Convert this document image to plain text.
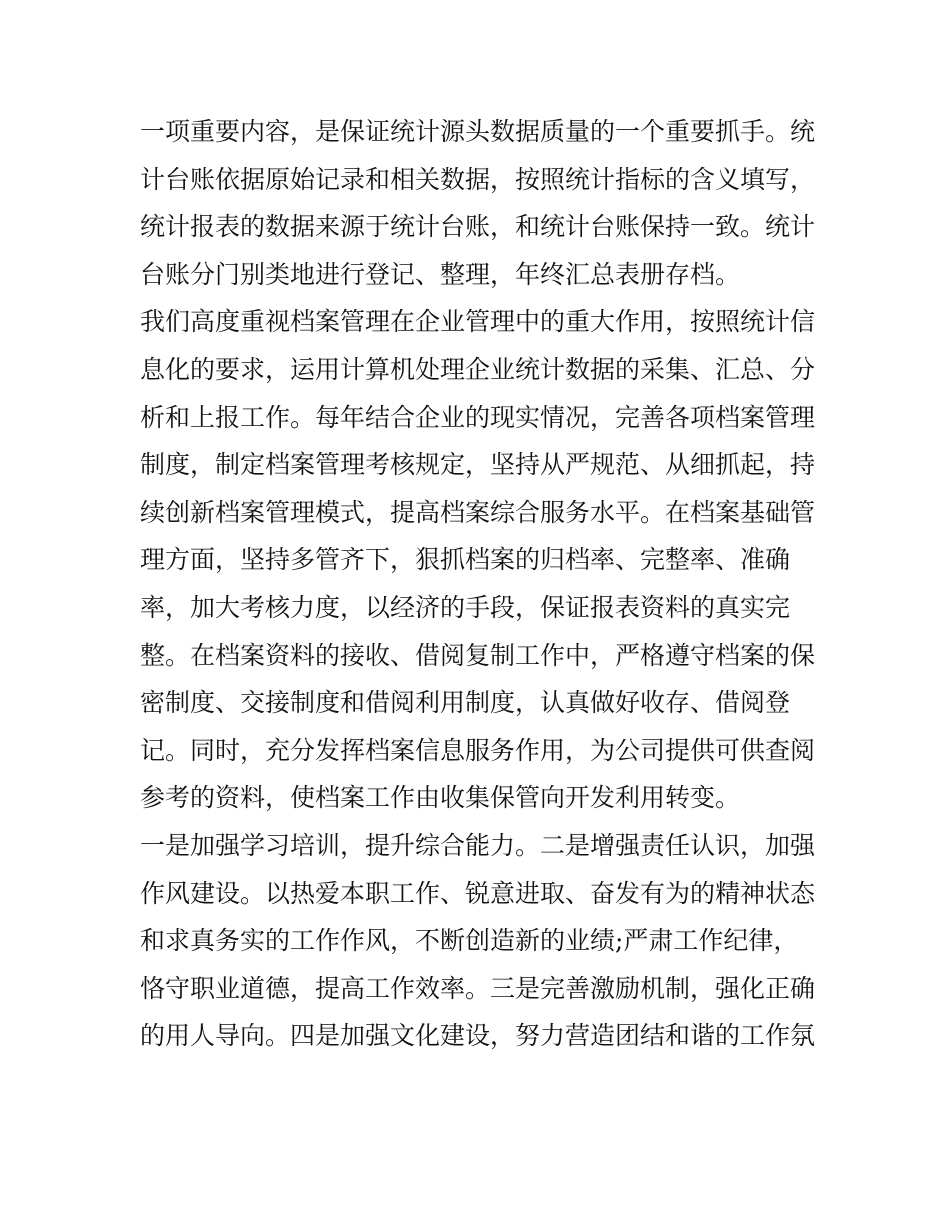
一项重要内容，是保证统计源头数据质量的一个重要抓手。统
计台账依据原始记录和相关数据，按照统计指标的含义填写，
统计报表的数据来源于统计台账，和统计台账保持一致。统计
台账分门别类地进行登记、整理，年终汇总表册存档。
我们高度重视档案管理在企业管理中的重大作用，按照统计信
息化的要求，运用计算机处理企业统计数据的采集、汇总、分
析和上报工作。每年结合企业的现实情况，完善各项档案管理
制度，制定档案管理考核规定，坚持从严规范、从细抓起，持
续创新档案管理模式，提高档案综合服务水平。在档案基础管
理方面，坚持多管齐下，狠抓档案的归档率、完整率、准确
率，加大考核力度，以经济的手段，保证报表资料的真实完
整。在档案资料的接收、借阅复制工作中，严格遵守档案的保
密制度、交接制度和借阅利用制度，认真做好收存、借阅登
记。同时，充分发挥档案信息服务作用，为公司提供可供查阅
参考的资料，使档案工作由收集保管向开发利用转变。
一是加强学习培训，提升综合能力。二是增强责任认识，加强
作风建设。以热爱本职工作、锐意进取、奋发有为的精神状态
和求真务实的工作作风，不断创造新的业绩;严肃工作纪律，
恪守职业道德，提高工作效率。三是完善激励机制，强化正确
的用人导向。四是加强文化建设，努力营造团结和谐的工作氛
